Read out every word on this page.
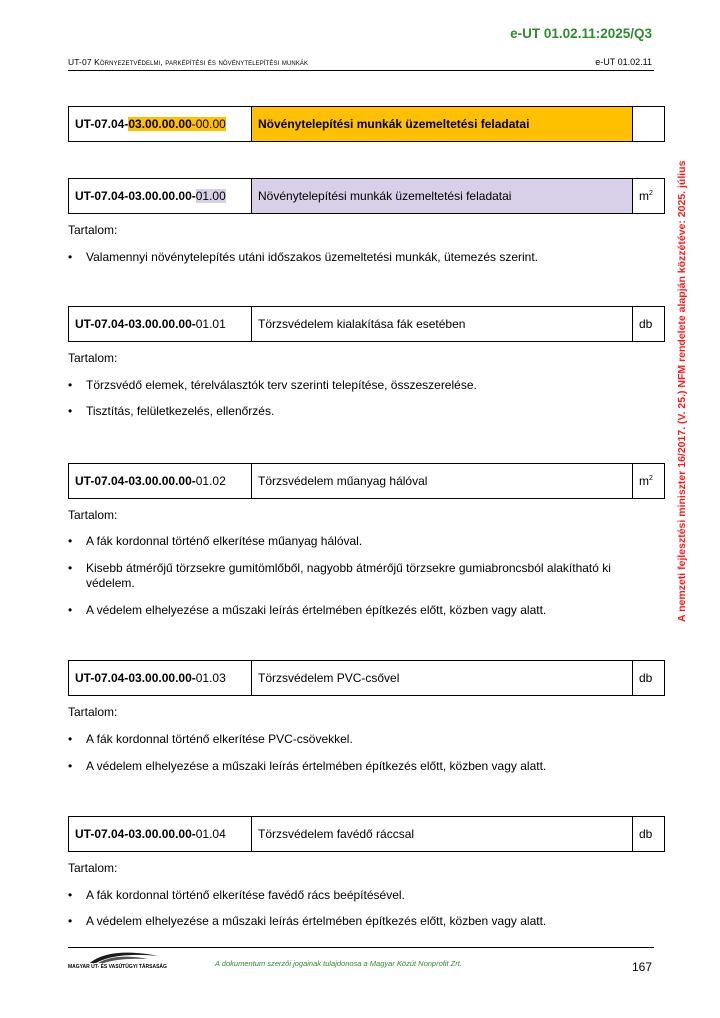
e-UT 01.02.11:2025/Q3
UT-07 Környezetvédelmi, parképítési és növénytelepítési munkák	e-UT 01.02.11
A nemzeti fejlesztési miniszter 16/2017. (V. 25.) NFM rendelete alapján közzétéve: 2025. július
UT-07.04-03.00.00.00-00.00	Növénytelepítési munkák üzemeltetési feladatai	
UT-07.04-03.00.00.00-01.00	Növénytelepítési munkák üzemeltetési feladatai	$m^2$
Tartalom:
•	Valamennyi növénytelepítés utáni időszakos üzemeltetési munkák, ütemezés szerint.
UT-07.04-03.00.00.00-01.01	Törzsvédelem kialakítása fák esetében	db
Tartalom:
•	Törzsvédő elemek, térelválasztók terv szerinti telepítése, összeszerelése.
•	Tisztítás, felületkezelés, ellenőrzés.
UT-07.04-03.00.00.00-01.02	Törzsvédelem műanyag hálóval	$m^2$
Tartalom:
•	A fák kordonnal történő elkerítése műanyag hálóval.
•	Kisebb átmérőjű törzsekre gumitömlőből, nagyobb átmérőjű törzsekre gumiabroncsból alakítható ki védelem.
•	A védelem elhelyezése a műszaki leírás értelmében építkezés előtt, közben vagy alatt.
UT-07.04-03.00.00.00-01.03	Törzsvédelem PVC-csővel	db
Tartalom:
•	A fák kordonnal történő elkerítése PVC-csövekkel.
•	A védelem elhelyezése a műszaki leírás értelmében építkezés előtt, közben vagy alatt.
UT-07.04-03.00.00.00-01.04	Törzsvédelem favédő ráccsal	db
Tartalom:
•	A fák kordonnal történő elkerítése favédő rács beépítésével.
•	A védelem elhelyezése a műszaki leírás értelmében építkezés előtt, közben vagy alatt.
MAGYAR ÚT- ÉS VASÚTÜGYI TÁRSASÁG	A dokumentum szerzői jogainak tulajdonosa a Magyar Közút Nonprofit Zrt.	167
